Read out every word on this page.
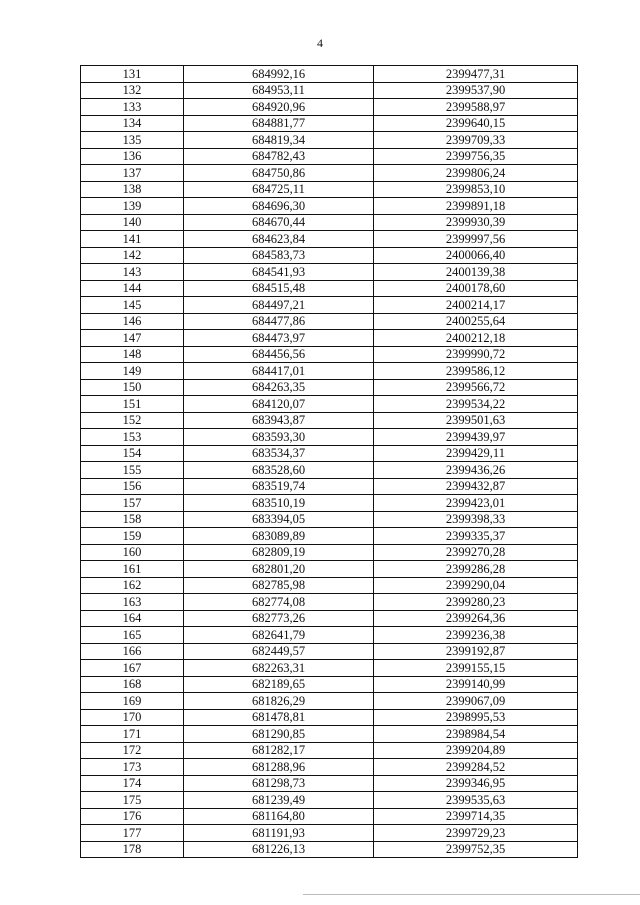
4
131	684992,16	2399477,31
132	684953,11	2399537,90
133	684920,96	2399588,97
134	684881,77	2399640,15
135	684819,34	2399709,33
136	684782,43	2399756,35
137	684750,86	2399806,24
138	684725,11	2399853,10
139	684696,30	2399891,18
140	684670,44	2399930,39
141	684623,84	2399997,56
142	684583,73	2400066,40
143	684541,93	2400139,38
144	684515,48	2400178,60
145	684497,21	2400214,17
146	684477,86	2400255,64
147	684473,97	2400212,18
148	684456,56	2399990,72
149	684417,01	2399586,12
150	684263,35	2399566,72
151	684120,07	2399534,22
152	683943,87	2399501,63
153	683593,30	2399439,97
154	683534,37	2399429,11
155	683528,60	2399436,26
156	683519,74	2399432,87
157	683510,19	2399423,01
158	683394,05	2399398,33
159	683089,89	2399335,37
160	682809,19	2399270,28
161	682801,20	2399286,28
162	682785,98	2399290,04
163	682774,08	2399280,23
164	682773,26	2399264,36
165	682641,79	2399236,38
166	682449,57	2399192,87
167	682263,31	2399155,15
168	682189,65	2399140,99
169	681826,29	2399067,09
170	681478,81	2398995,53
171	681290,85	2398984,54
172	681282,17	2399204,89
173	681288,96	2399284,52
174	681298,73	2399346,95
175	681239,49	2399535,63
176	681164,80	2399714,35
177	681191,93	2399729,23
178	681226,13	2399752,35
